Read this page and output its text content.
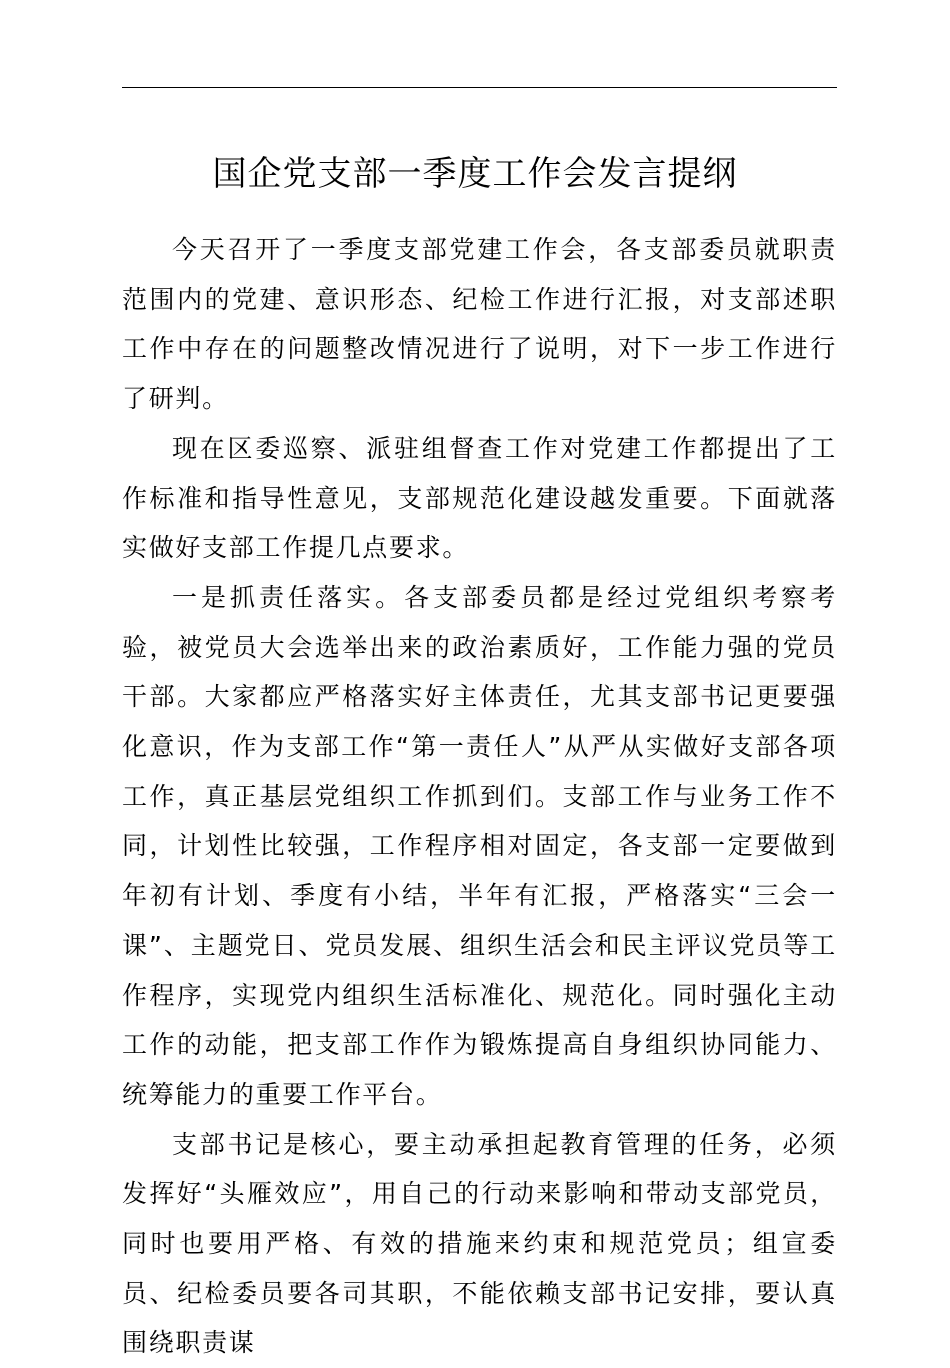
国企党支部一季度工作会发言提纲

今天召开了一季度支部党建工作会，各支部委员就职责范围内的党建、意识形态、纪检工作进行汇报，对支部述职工作中存在的问题整改情况进行了说明，对下一步工作进行了研判。

现在区委巡察、派驻组督查工作对党建工作都提出了工作标准和指导性意见，支部规范化建设越发重要。下面就落实做好支部工作提几点要求。

一是抓责任落实。各支部委员都是经过党组织考察考验，被党员大会选举出来的政治素质好，工作能力强的党员干部。大家都应严格落实好主体责任，尤其支部书记更要强化意识，作为支部工作“第一责任人”从严从实做好支部各项工作，真正基层党组织工作抓到们。支部工作与业务工作不同，计划性比较强，工作程序相对固定，各支部一定要做到年初有计划、季度有小结，半年有汇报，严格落实“三会一课”、主题党日、党员发展、组织生活会和民主评议党员等工作程序，实现党内组织生活标准化、规范化。同时强化主动工作的动能，把支部工作作为锻炼提高自身组织协同能力、统筹能力的重要工作平台。

支部书记是核心，要主动承担起教育管理的任务，必须发挥好“头雁效应”，用自己的行动来影响和带动支部党员，同时也要用严格、有效的措施来约束和规范党员；组宣委员、纪检委员要各司其职，不能依赖支部书记安排，要认真围绕职责谋
